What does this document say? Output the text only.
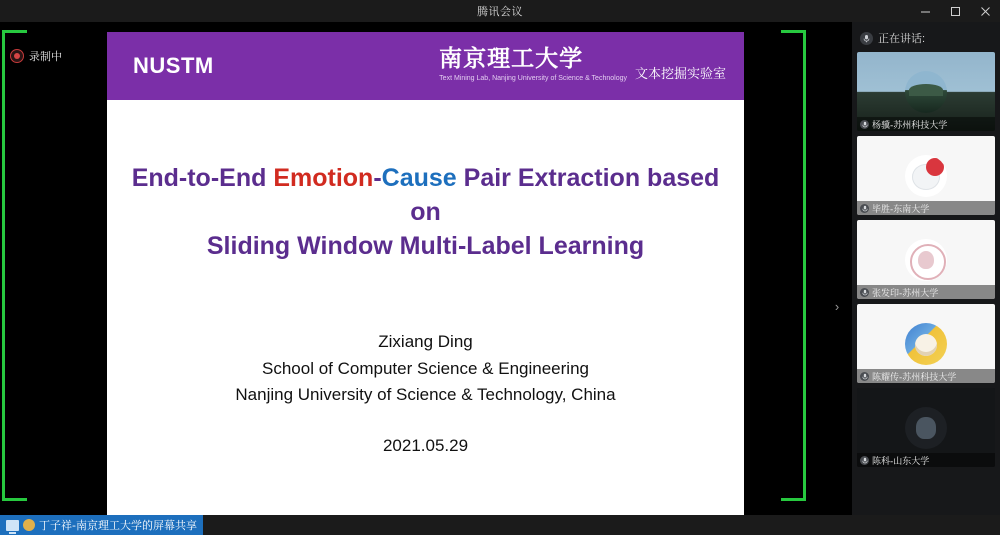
腾讯会议
录制中	NUSTM	南京理工大学
Text Mining Lab, Nanjing University of Science & Technology 文本挖掘实验室
End-to-End Emotion-Cause Pair Extraction based on
Sliding Window Multi-Label Learning
Zixiang Ding
School of Computer Science & Engineering
Nanjing University of Science & Technology, China
2021.05.29
›
正在讲话:
杨骥-苏州科技大学
毕胜-东南大学
张发印-苏州大学
陈耀传-苏州科技大学
陈科-山东大学
丁子祥-南京理工大学的屏幕共享
